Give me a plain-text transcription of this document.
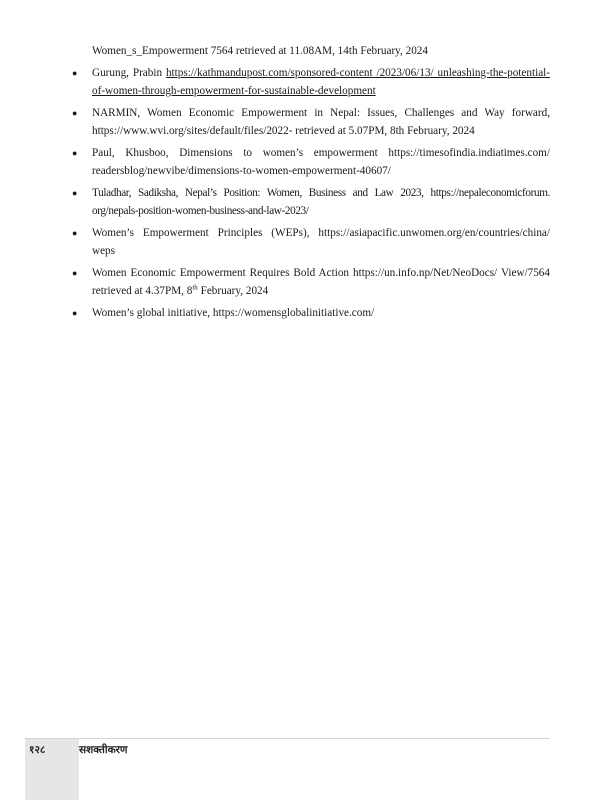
Women_s_Empowerment 7564 retrieved at 11.08AM, 14th February, 2024

● Gurung, Prabin https://kathmandupost.com/sponsored-content /2023/06/13/ unleashing-the-potential-of-women-through-empowerment-for-sustainable-development
● NARMIN, Women Economic Empowerment in Nepal: Issues, Challenges and Way forward, https://www.wvi.org/sites/default/files/2022- retrieved at 5.07PM, 8th February, 2024
● Paul, Khusboo, Dimensions to women’s empowerment https://timesofindia.indiatimes.com/ readersblog/newvibe/dimensions-to-women-empowerment-40607/
● Tuladhar, Sadiksha, Nepal’s Position: Women, Business and Law 2023, https://nepaleconomicforum. org/nepals-position-women-business-and-law-2023/
● Women’s Empowerment Principles (WEPs), https://asiapacific.unwomen.org/en/countries/china/ weps
● Women Economic Empowerment Requires Bold Action https://un.info.np/Net/NeoDocs/ View/7564 retrieved at 4.37PM, 8th February, 2024
● Women’s global initiative, https://womensglobalinitiative.com/
१२८	सशक्तीकरण
